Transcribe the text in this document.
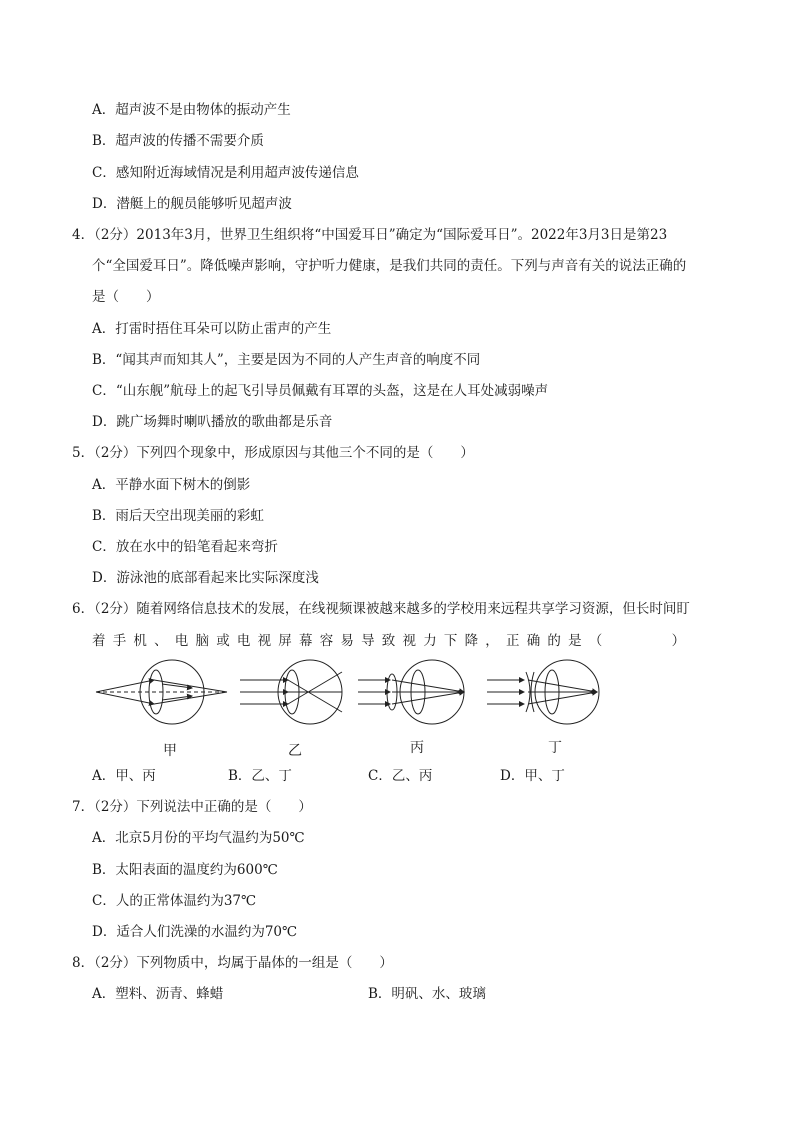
A．超声波不是由物体的振动产生
B．超声波的传播不需要介质
C．感知附近海域情况是利用超声波传递信息
D．潜艇上的舰员能够听见超声波
4．（2分）2013年3月，世界卫生组织将“中国爱耳日”确定为“国际爱耳日”。2022年3月3日是第23
个“全国爱耳日”。降低噪声影响，守护听力健康，是我们共同的责任。下列与声音有关的说法正确的
是（　　）
A．打雷时捂住耳朵可以防止雷声的产生
B．“闻其声而知其人”，主要是因为不同的人产生声音的响度不同
C．“山东舰”航母上的起飞引导员佩戴有耳罩的头盔，这是在人耳处减弱噪声
D．跳广场舞时喇叭播放的歌曲都是乐音
5．（2分）下列四个现象中，形成原因与其他三个不同的是（　　）
A．平静水面下树木的倒影
B．雨后天空出现美丽的彩虹
C．放在水中的铅笔看起来弯折
D．游泳池的底部看起来比实际深度浅
6．（2分）随着网络信息技术的发展，在线视频课被越来越多的学校用来远程共享学习资源，但长时间盯
着手机、电脑或电视屏幕容易导致视力下降，正确的是（　　　）
甲	乙	丙	丁
A．甲、丙	B．乙、丁	C．乙、丙	D．甲、丁
7．（2分）下列说法中正确的是（　　）
A．北京5月份的平均气温约为50℃
B．太阳表面的温度约为600℃
C．人的正常体温约为37℃
D．适合人们洗澡的水温约为70℃
8．（2分）下列物质中，均属于晶体的一组是（　　）
A．塑料、沥青、蜂蜡	B．明矾、水、玻璃
